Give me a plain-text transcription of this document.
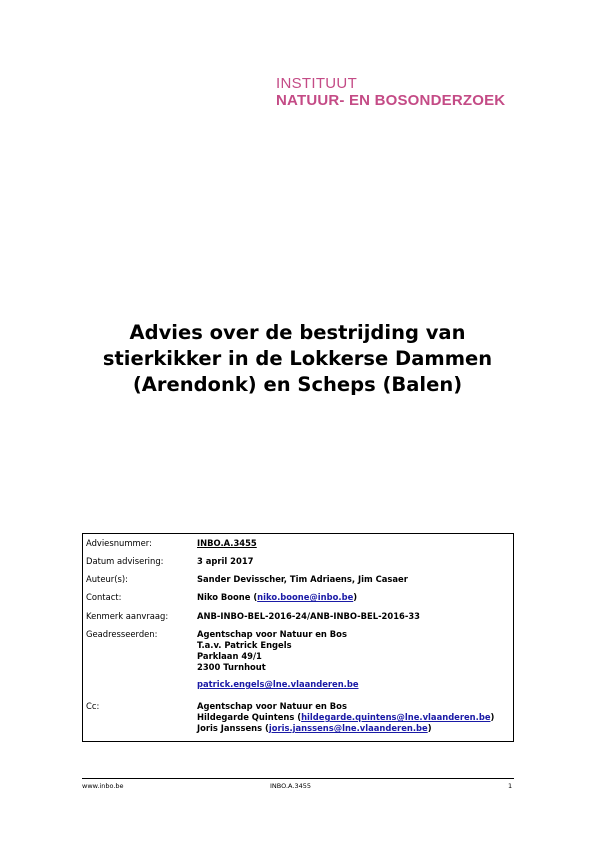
INSTITUUT
NATUUR- EN BOSONDERZOEK
Advies over de bestrijding van
stierkikker in de Lokkerse Dammen
(Arendonk) en Scheps (Balen)
Adviesnummer:	INBO.A.3455
Datum advisering:	3 april 2017
Auteur(s):	Sander Devisscher, Tim Adriaens, Jim Casaer
Contact:	Niko Boone (niko.boone@inbo.be)
Kenmerk aanvraag:	ANB-INBO-BEL-2016-24/ANB-INBO-BEL-2016-33
Geadresseerden:	Agentschap voor Natuur en Bos
T.a.v. Patrick Engels
Parklaan 49/1
2300 Turnhout
patrick.engels@lne.vlaanderen.be
Cc:	Agentschap voor Natuur en Bos
Hildegarde Quintens (hildegarde.quintens@lne.vlaanderen.be)
Joris Janssens (joris.janssens@lne.vlaanderen.be)
www.inbo.be	INBO.A.3455	1
